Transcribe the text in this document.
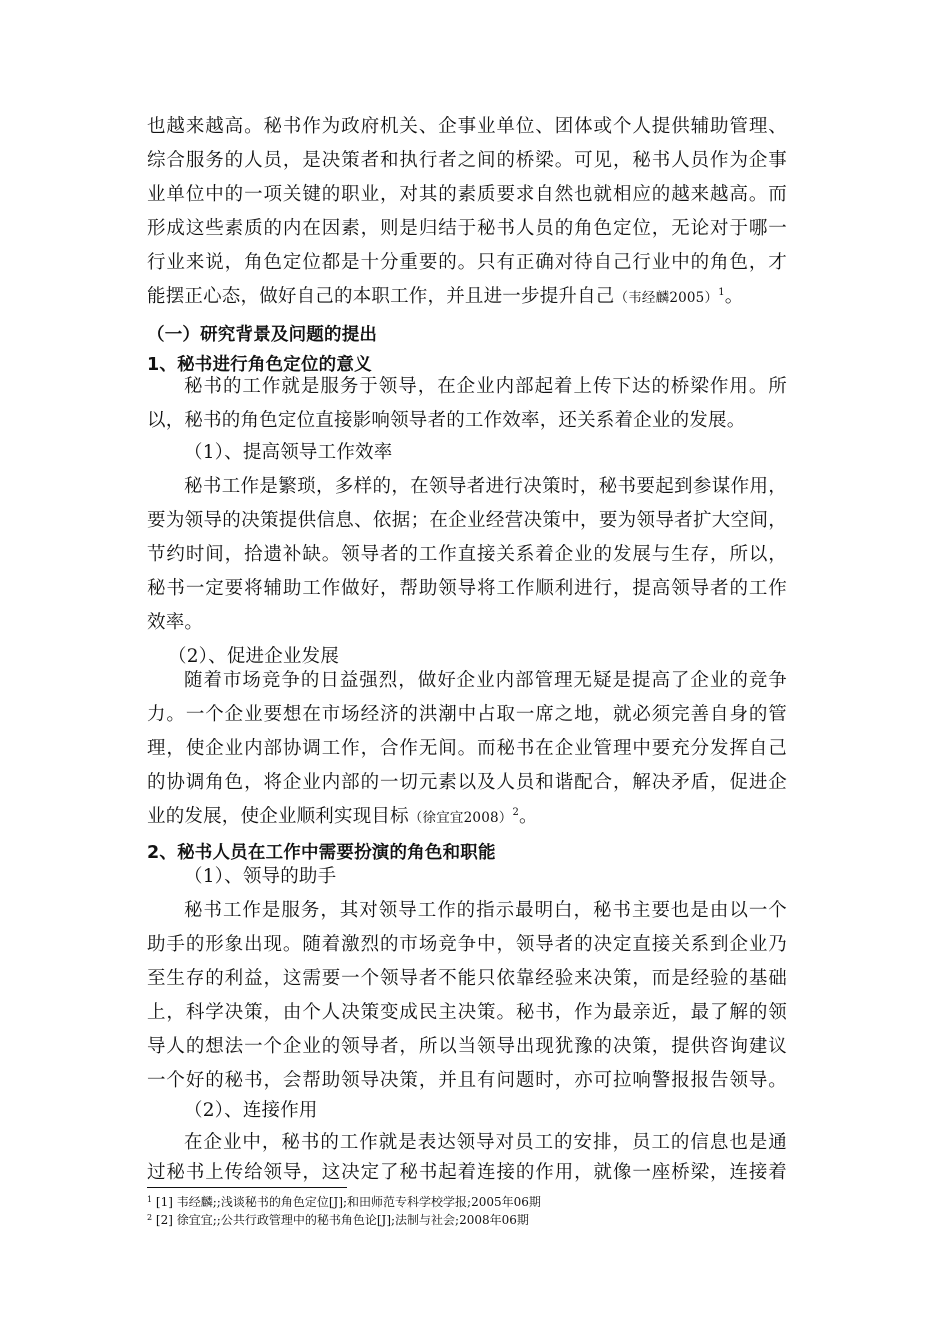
也越来越高。秘书作为政府机关、企事业单位、团体或个人提供辅助管理、
综合服务的人员，是决策者和执行者之间的桥梁。可见，秘书人员作为企事
业单位中的一项关键的职业，对其的素质要求自然也就相应的越来越高。而
形成这些素质的内在因素，则是归结于秘书人员的角色定位，无论对于哪一
行业来说，角色定位都是十分重要的。只有正确对待自己行业中的角色，才
能摆正心态，做好自己的本职工作，并且进一步提升自己（韦经麟2005）$^1$。
（一）研究背景及问题的提出
1、秘书进行角色定位的意义
秘书的工作就是服务于领导，在企业内部起着上传下达的桥梁作用。所
以，秘书的角色定位直接影响领导者的工作效率，还关系着企业的发展。
（1）、提高领导工作效率
秘书工作是繁琐，多样的，在领导者进行决策时，秘书要起到参谋作用，
要为领导的决策提供信息、依据；在企业经营决策中，要为领导者扩大空间，
节约时间，拾遗补缺。领导者的工作直接关系着企业的发展与生存，所以，
秘书一定要将辅助工作做好，帮助领导将工作顺利进行，提高领导者的工作
效率。
（2）、促进企业发展
随着市场竞争的日益强烈，做好企业内部管理无疑是提高了企业的竞争
力。一个企业要想在市场经济的洪潮中占取一席之地，就必须完善自身的管
理，使企业内部协调工作，合作无间。而秘书在企业管理中要充分发挥自己
的协调角色，将企业内部的一切元素以及人员和谐配合，解决矛盾，促进企
业的发展，使企业顺利实现目标（徐宜宜2008）$^2$。
2、秘书人员在工作中需要扮演的角色和职能
（1）、领导的助手
秘书工作是服务，其对领导工作的指示最明白，秘书主要也是由以一个
助手的形象出现。随着激烈的市场竞争中，领导者的决定直接关系到企业乃
至生存的利益，这需要一个领导者不能只依靠经验来决策，而是经验的基础
上，科学决策，由个人决策变成民主决策。秘书，作为最亲近，最了解的领
导人的想法一个企业的领导者，所以当领导出现犹豫的决策，提供咨询建议
一个好的秘书，会帮助领导决策，并且有问题时，亦可拉响警报报告领导。
（2）、连接作用
在企业中，秘书的工作就是表达领导对员工的安排，员工的信息也是通
过秘书上传给领导，这决定了秘书起着连接的作用，就像一座桥梁，连接着
$^1$ [1] 韦经麟;;浅谈秘书的角色定位[J];和田师范专科学校学报;2005年06期
$^2$ [2] 徐宜宜;;公共行政管理中的秘书角色论[J];法制与社会;2008年06期
